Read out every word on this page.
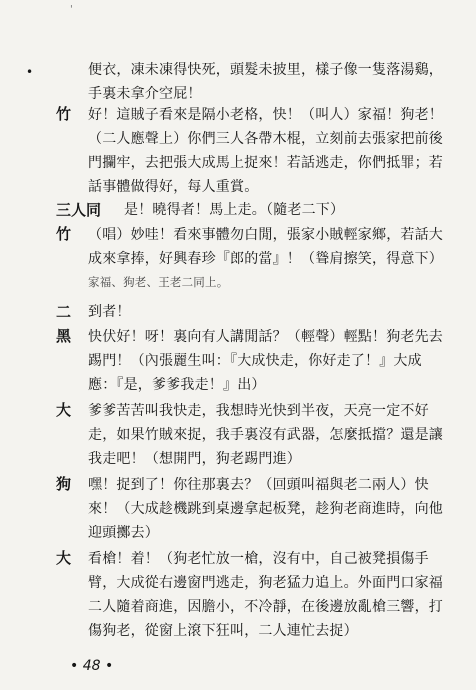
'
•	便衣，凍未凍得快死，頭髮未披里，樣子像一隻落湯鷄，
手裏未拿介空屁！
竹 好！這賊子看來是隔小老格，快！（叫人）家福！狗老！
（二人應聲上）你們三人各帶木棍，立刻前去張家把前後
門攔牢，去把張大成馬上捉來！若話逃走，你們抵罪；若
話事體做得好，每人重賞。
三人同 是！曉得者！馬上走。（隨老二下）
竹 （唱）妙哇！看來事體勿白閒，張家小賊輕家鄉，若話大
成來拿捧，好興春珍『郎的當』！（聳肩擦笑，得意下）
家福、狗老、王老二同上。
二 到者！
黑 快伏好！呀！裏向有人講閒話？（輕聲）輕點！狗老先去
踢門！（內張麗生叫：『大成快走，你好走了！』大成
應：『是，爹爹我走！』出）
大 爹爹苦苦叫我快走，我想時光快到半夜，天亮一定不好
走，如果竹賊來捉，我手裏沒有武器，怎麼抵擋？還是讓
我走吧！（想開門，狗老踢門進）
狗 嘿！捉到了！你往那裏去？（回頭叫福與老二兩人）快
來！（大成趁機跳到桌邊拿起板凳，趁狗老商進時，向他
迎頭擲去）
大 看槍！着！（狗老忙放一槍，沒有中，自己被凳損傷手
臂，大成從右邊窗門逃走，狗老猛力追上。外面門口家福
二人隨着商進，因膽小，不冷靜，在後邊放亂槍三響，打
傷狗老，從窗上滾下狂叫，二人連忙去捉）
• 48 •
